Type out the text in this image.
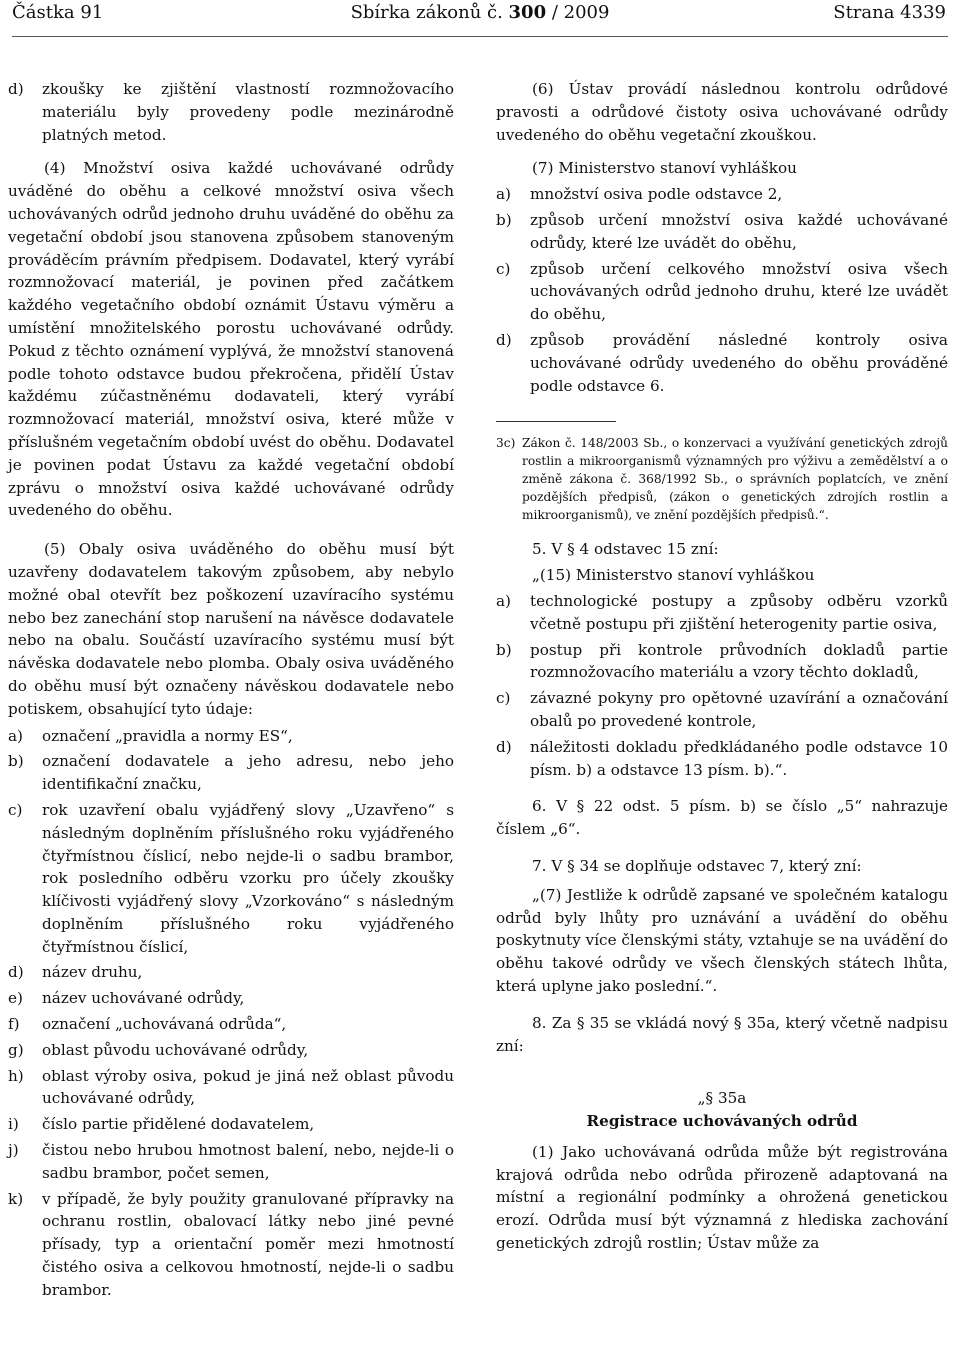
Částka 91	Sbírka zákonů č. 300 / 2009	Strana 4339
d)	zkoušky ke zjištění vlastností rozmnožovacího materiálu byly provedeny podle mezinárodně platných metod.

(4) Množství osiva každé uchovávané odrůdy uváděné do oběhu a celkové množství osiva všech uchovávaných odrůd jednoho druhu uváděné do oběhu za vegetační období jsou stanovena způsobem stanoveným prováděcím právním předpisem. Dodavatel, který vyrábí rozmnožovací materiál, je povinen před začátkem každého vegetačního období oznámit Ústavu výměru a umístění množitelského porostu uchovávané odrůdy. Pokud z těchto oznámení vyplývá, že množství stanovená podle tohoto odstavce budou překročena, přidělí Ústav každému zúčastněnému dodavateli, který vyrábí rozmnožovací materiál, množství osiva, které může v příslušném vegetačním období uvést do oběhu. Dodavatel je povinen podat Ústavu za každé vegetační období zprávu o množství osiva každé uchovávané odrůdy uvedeného do oběhu.

(5) Obaly osiva uváděného do oběhu musí být uzavřeny dodavatelem takovým způsobem, aby nebylo možné obal otevřít bez poškození uzavíracího systému nebo bez zanechání stop narušení na návěsce dodavatele nebo na obalu. Součástí uzavíracího systému musí být návěska dodavatele nebo plomba. Obaly osiva uváděného do oběhu musí být označeny návěskou dodavatele nebo potiskem, obsahující tyto údaje:

a)	označení „pravidla a normy ES“,
b)	označení dodavatele a jeho adresu, nebo jeho identifikační značku,
c)	rok uzavření obalu vyjádřený slovy „Uzavřeno“ s následným doplněním příslušného roku vyjádřeného čtyřmístnou číslicí, nebo nejde-li o sadbu brambor, rok posledního odběru vzorku pro účely zkoušky klíčivosti vyjádřený slovy „Vzorkováno“ s následným doplněním příslušného roku vyjádřeného čtyřmístnou číslicí,
d)	název druhu,
e)	název uchovávané odrůdy,
f)	označení „uchovávaná odrůda“,
g)	oblast původu uchovávané odrůdy,
h)	oblast výroby osiva, pokud je jiná než oblast původu uchovávané odrůdy,
i)	číslo partie přidělené dodavatelem,
j)	čistou nebo hrubou hmotnost balení, nebo, nejde-li o sadbu brambor, počet semen,
k)	v případě, že byly použity granulované přípravky na ochranu rostlin, obalovací látky nebo jiné pevné přísady, typ a orientační poměr mezi hmotností čistého osiva a celkovou hmotností, nejde-li o sadbu brambor.

(6) Ústav provádí následnou kontrolu odrůdové pravosti a odrůdové čistoty osiva uchovávané odrůdy uvedeného do oběhu vegetační zkouškou.

(7) Ministerstvo stanoví vyhláškou

a)	množství osiva podle odstavce 2,
b)	způsob určení množství osiva každé uchovávané odrůdy, které lze uvádět do oběhu,
c)	způsob určení celkového množství osiva všech uchovávaných odrůd jednoho druhu, které lze uvádět do oběhu,
d)	způsob provádění následné kontroly osiva uchovávané odrůdy uvedeného do oběhu prováděné podle odstavce 6.
3c) Zákon č. 148/2003 Sb., o konzervaci a využívání genetických zdrojů rostlin a mikroorganismů významných pro výživu a zemědělství a o změně zákona č. 368/1992 Sb., o správních poplatcích, ve znění pozdějších předpisů, (zákon o genetických zdrojích rostlin a mikroorganismů), ve znění pozdějších předpisů.“.

5. V § 4 odstavec 15 zní:

„(15) Ministerstvo stanoví vyhláškou

a)	technologické postupy a způsoby odběru vzorků včetně postupu při zjištění heterogenity partie osiva,
b)	postup při kontrole průvodních dokladů partie rozmnožovacího materiálu a vzory těchto dokladů,
c)	závazné pokyny pro opětovné uzavírání a označování obalů po provedené kontrole,
d)	náležitosti dokladu předkládaného podle odstavce 10 písm. b) a odstavce 13 písm. b).“.

6. V § 22 odst. 5 písm. b) se číslo „5“ nahrazuje číslem „6“.

7. V § 34 se doplňuje odstavec 7, který zní:

„(7) Jestliže k odrůdě zapsané ve společném katalogu odrůd byly lhůty pro uznávání a uvádění do oběhu poskytnuty více členskými státy, vztahuje se na uvádění do oběhu takové odrůdy ve všech členských státech lhůta, která uplyne jako poslední.“.

8. Za § 35 se vkládá nový § 35a, který včetně nadpisu zní:

„§ 35a

Registrace uchovávaných odrůd

(1) Jako uchovávaná odrůda může být registrována krajová odrůda nebo odrůda přirozeně adaptovaná na místní a regionální podmínky a ohrožená genetickou erozí. Odrůda musí být významná z hlediska zachování genetických zdrojů rostlin; Ústav může za
